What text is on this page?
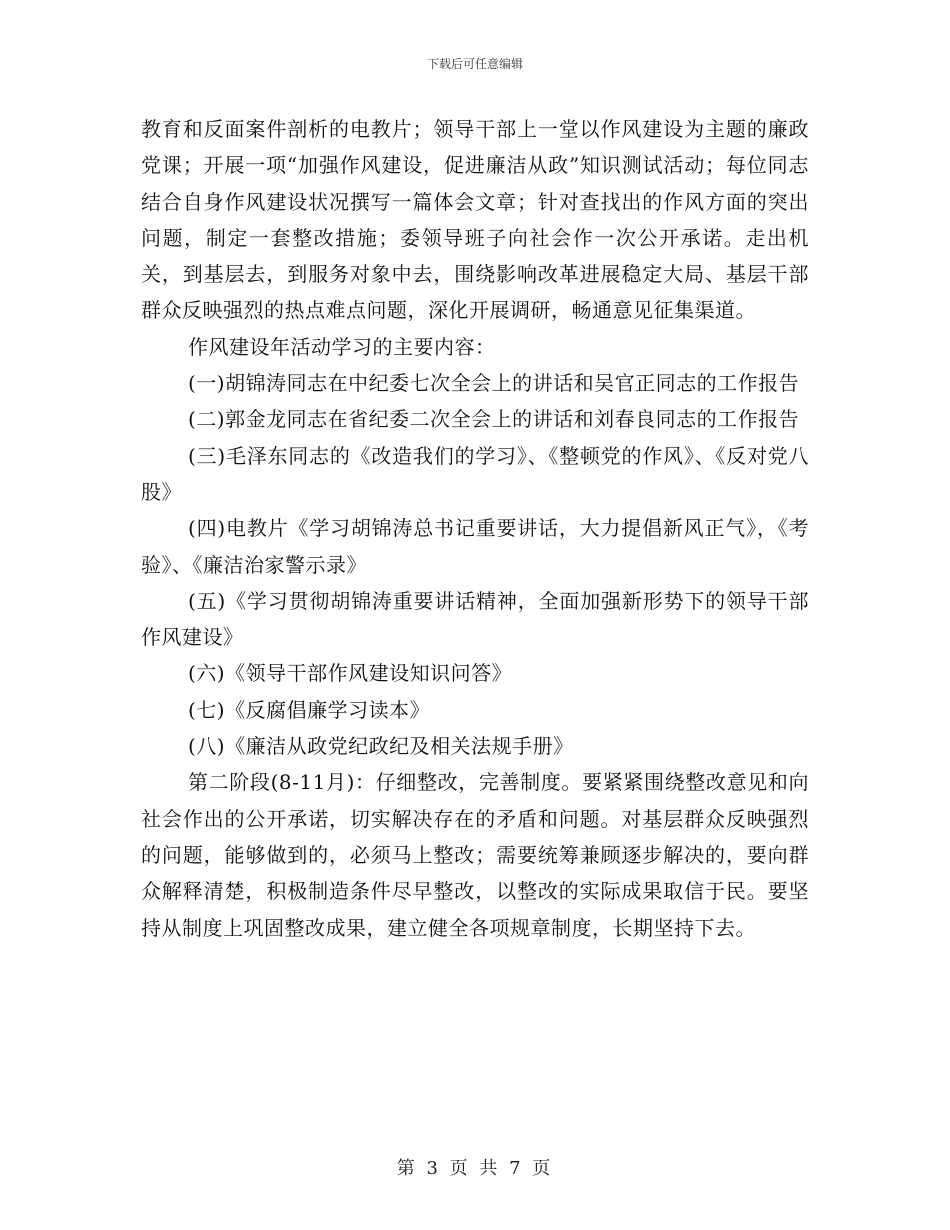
下载后可任意编辑

教育和反面案件剖析的电教片；领导干部上一堂以作风建设为主题的廉政党课；开展一项“加强作风建设，促进廉洁从政”知识测试活动；每位同志结合自身作风建设状况撰写一篇体会文章；针对查找出的作风方面的突出问题，制定一套整改措施；委领导班子向社会作一次公开承诺。走出机关，到基层去，到服务对象中去，围绕影响改革进展稳定大局、基层干部群众反映强烈的热点难点问题，深化开展调研，畅通意见征集渠道。

作风建设年活动学习的主要内容：

(一)胡锦涛同志在中纪委七次全会上的讲话和吴官正同志的工作报告

(二)郭金龙同志在省纪委二次全会上的讲话和刘春良同志的工作报告

(三)毛泽东同志的《改造我们的学习》、《整顿党的作风》、《反对党八股》

(四)电教片《学习胡锦涛总书记重要讲话，大力提倡新风正气》，《考验》、《廉洁治家警示录》

(五)《学习贯彻胡锦涛重要讲话精神，全面加强新形势下的领导干部作风建设》

(六)《领导干部作风建设知识问答》

(七)《反腐倡廉学习读本》

(八)《廉洁从政党纪政纪及相关法规手册》

第二阶段(8-11月)：仔细整改，完善制度。要紧紧围绕整改意见和向社会作出的公开承诺，切实解决存在的矛盾和问题。对基层群众反映强烈的问题，能够做到的，必须马上整改；需要统筹兼顾逐步解决的，要向群众解释清楚，积极制造条件尽早整改，以整改的实际成果取信于民。要坚持从制度上巩固整改成果，建立健全各项规章制度，长期坚持下去。

第 3 页 共 7 页
